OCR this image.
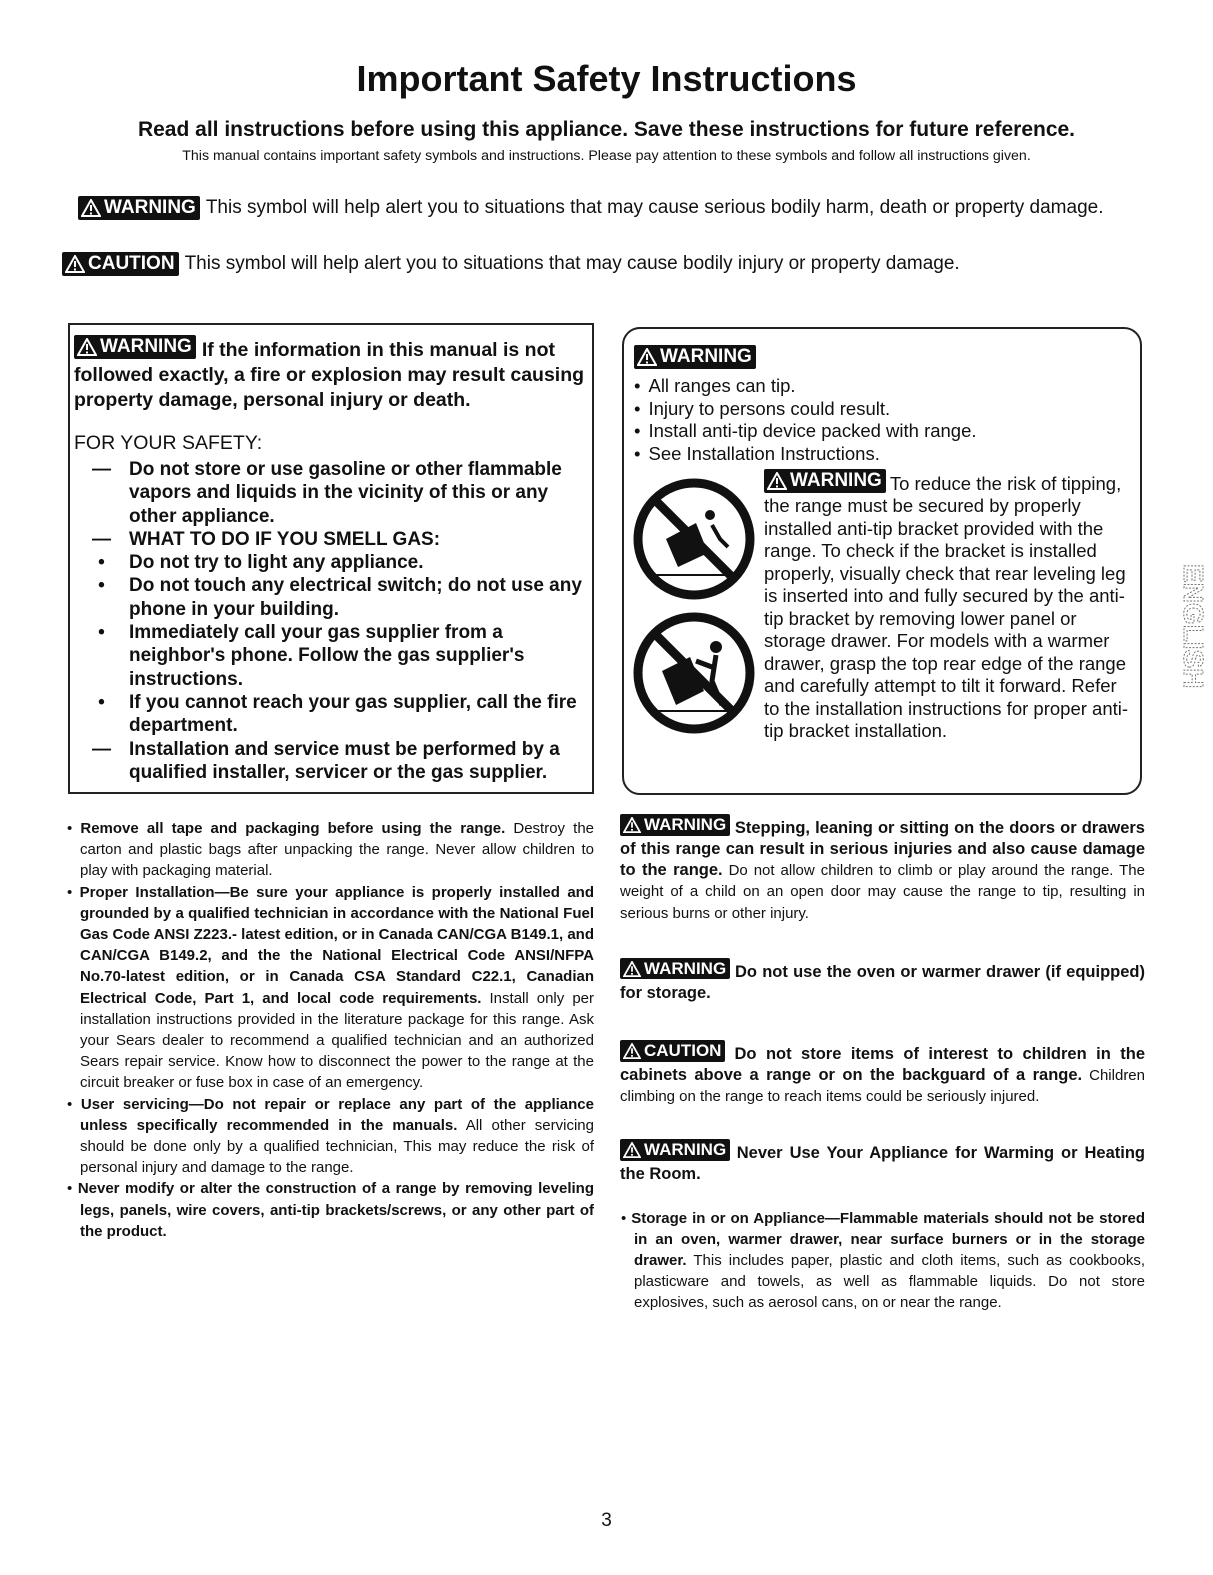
Important Safety Instructions
Read all instructions before using this appliance. Save these instructions for future reference.
This manual contains important safety symbols and instructions. Please pay attention to these symbols and follow all instructions given.
WARNING This symbol will help alert you to situations that may cause serious bodily harm, death or property damage.
CAUTION This symbol will help alert you to situations that may cause bodily injury or property damage.
WARNING If the information in this manual is not followed exactly, a fire or explosion may result causing property damage, personal injury or death.
FOR YOUR SAFETY:
— Do not store or use gasoline or other flammable vapors and liquids in the vicinity of this or any other appliance.
— WHAT TO DO IF YOU SMELL GAS:
•	Do not try to light any appliance.
•	Do not touch any electrical switch; do not use any phone in your building.
•	Immediately call your gas supplier from a neighbor's phone. Follow the gas supplier's instructions.
•	If you cannot reach your gas supplier, call the fire department.
— Installation and service must be performed by a qualified installer, servicer or the gas supplier.
WARNING
• All ranges can tip.
• Injury to persons could result.
• Install anti-tip device packed with range.
• See Installation Instructions.
WARNING To reduce the risk of tipping, the range must be secured by properly installed anti-tip bracket provided with the range. To check if the bracket is installed properly, visually check that rear leveling leg is inserted into and fully secured by the anti-tip bracket by removing lower panel or storage drawer. For models with a warmer drawer, grasp the top rear edge of the range and carefully attempt to tilt it forward. Refer to the installation instructions for proper anti-tip bracket installation.

• Remove all tape and packaging before using the range. Destroy the carton and plastic bags after unpacking the range. Never allow children to play with packaging material.

• Proper Installation—Be sure your appliance is properly installed and grounded by a qualified technician in accordance with the National Fuel Gas Code ANSI Z223.- latest edition, or in Canada CAN/CGA B149.1, and CAN/CGA B149.2, and the the National Electrical Code ANSI/NFPA No.70-latest edition, or in Canada CSA Standard C22.1, Canadian Electrical Code, Part 1, and local code requirements. Install only per installation instructions provided in the literature package for this range. Ask your Sears dealer to recommend a qualified technician and an authorized Sears repair service. Know how to disconnect the power to the range at the circuit breaker or fuse box in case of an emergency.

• User servicing—Do not repair or replace any part of the appliance unless specifically recommended in the manuals. All other servicing should be done only by a qualified technician, This may reduce the risk of personal injury and damage to the range.

• Never modify or alter the construction of a range by removing leveling legs, panels, wire covers, anti-tip brackets/screws, or any other part of the product.

WARNING Stepping, leaning or sitting on the doors or drawers of this range can result in serious injuries and also cause damage to the range. Do not allow children to climb or play around the range. The weight of a child on an open door may cause the range to tip, resulting in serious burns or other injury.

WARNING Do not use the oven or warmer drawer (if equipped) for storage.

CAUTION Do not store items of interest to children in the cabinets above a range or on the backguard of a range. Children climbing on the range to reach items could be seriously injured.

WARNING Never Use Your Appliance for Warming or Heating the Room.

• Storage in or on Appliance—Flammable materials should not be stored in an oven, warmer drawer, near surface burners or in the storage drawer. This includes paper, plastic and cloth items, such as cookbooks, plasticware and towels, as well as flammable liquids. Do not store explosives, such as aerosol cans, on or near the range.

ENGLISH
3
